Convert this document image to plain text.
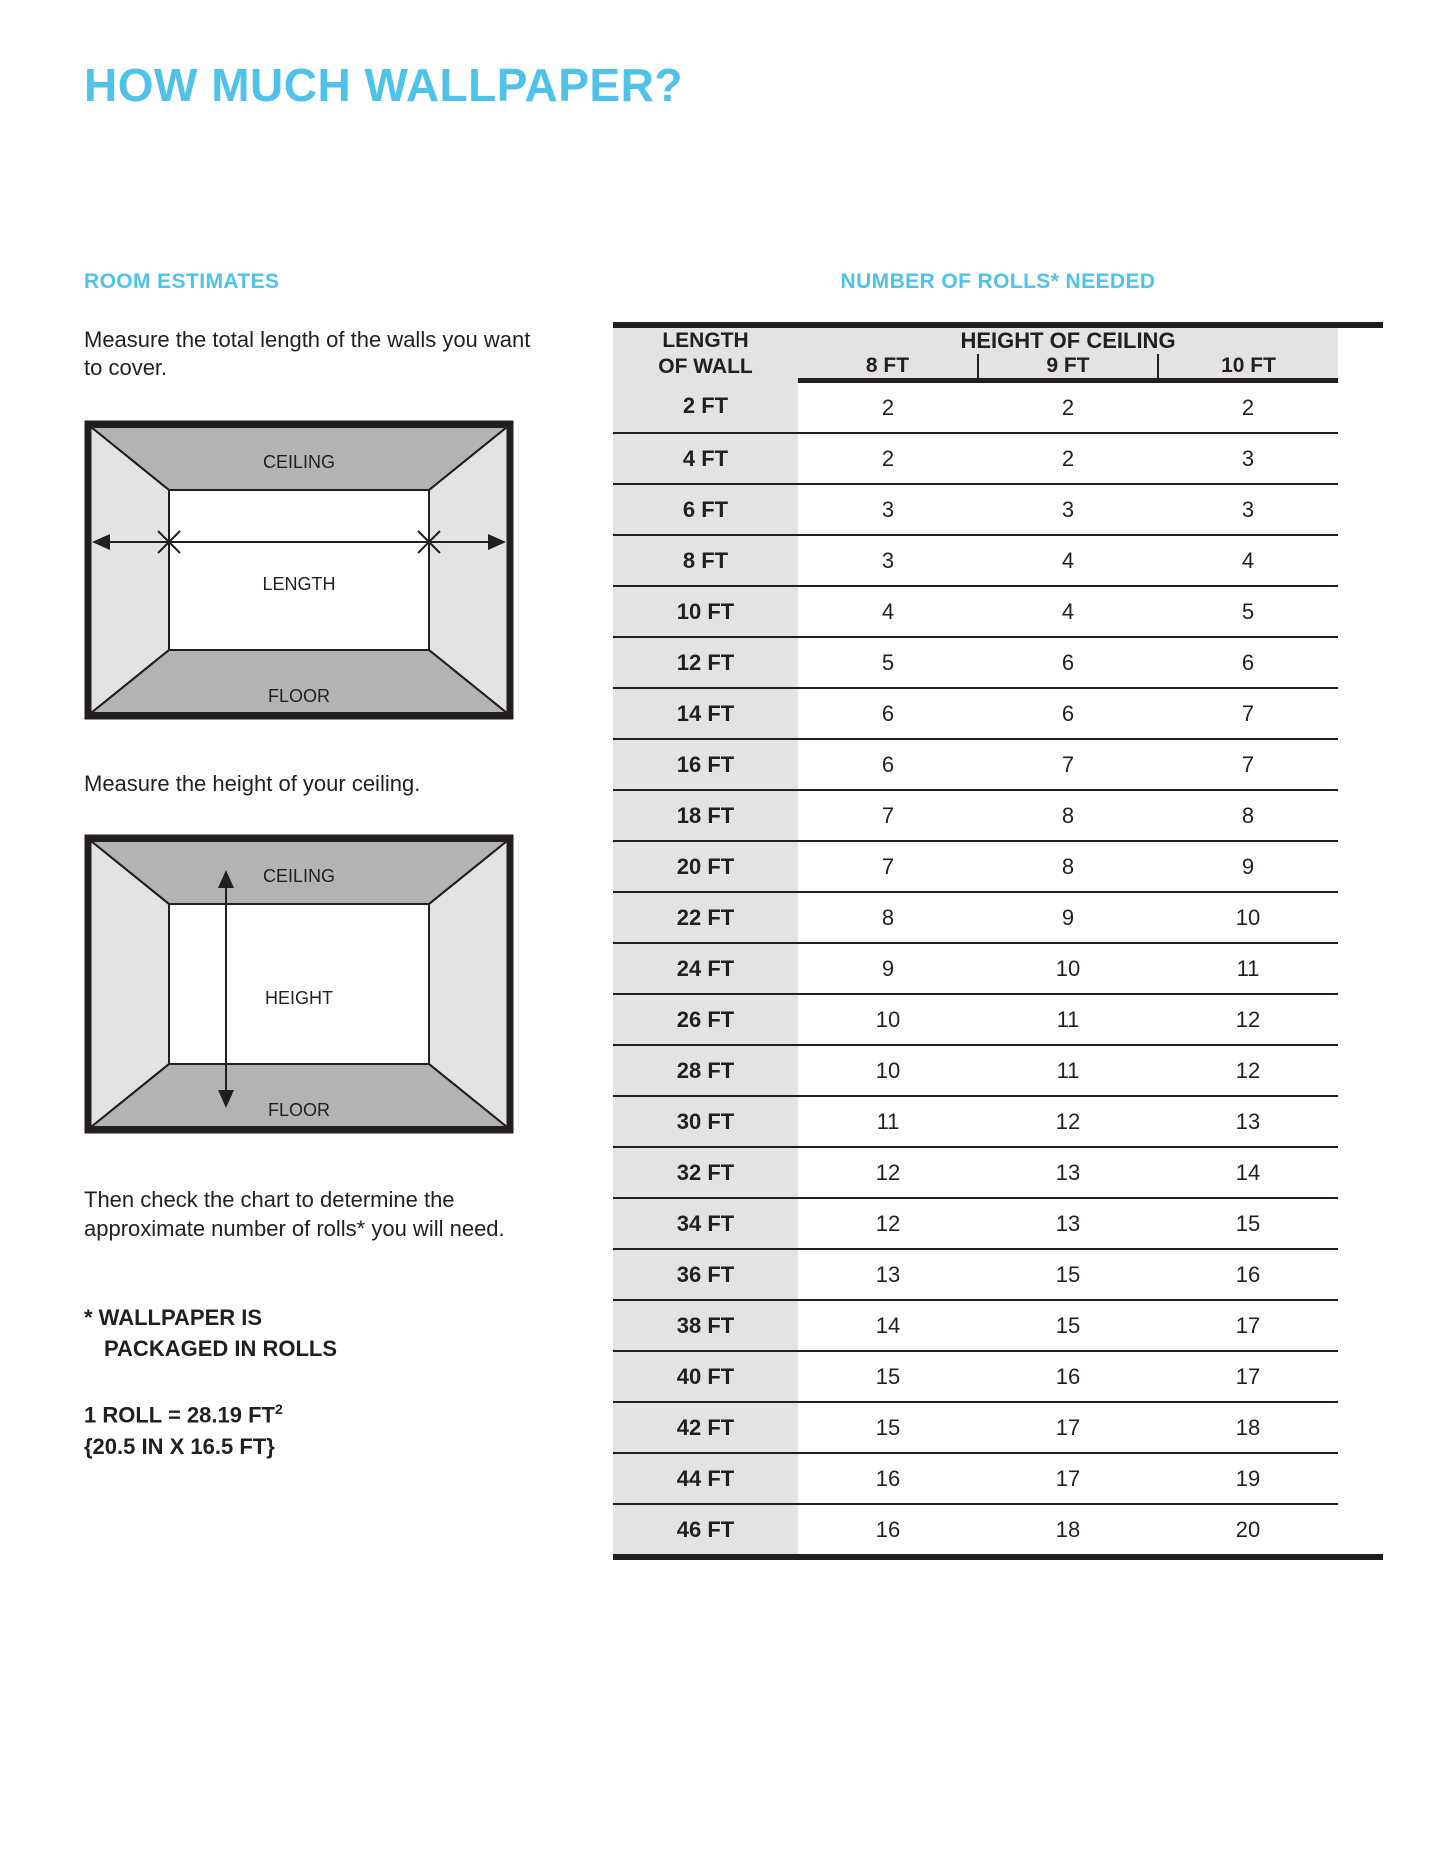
HOW MUCH WALLPAPER?
ROOM ESTIMATES

Measure the total length of the walls you want to cover.

CEILING
FLOOR
LENGTH

Measure the height of your ceiling.

CEILING
FLOOR
HEIGHT

Then check the chart to determine the approximate number of rolls* you will need.

* WALLPAPER IS
PACKAGED IN ROLLS
1 ROLL = 28.19 $FT^2$
{20.5 IN X 16.5 FT}
NUMBER OF ROLLS* NEEDED
LENGTH
OF WALL	HEIGHT OF CEILING		
	8 FT	9 FT	10 FT
2 FT	2	2	2
4 FT	2	2	3
6 FT	3	3	3
8 FT	3	4	4
10 FT	4	4	5
12 FT	5	6	6
14 FT	6	6	7
16 FT	6	7	7
18 FT	7	8	8
20 FT	7	8	9
22 FT	8	9	10
24 FT	9	10	11
26 FT	10	11	12
28 FT	10	11	12
30 FT	11	12	13
32 FT	12	13	14
34 FT	12	13	15
36 FT	13	15	16
38 FT	14	15	17
40 FT	15	16	17
42 FT	15	17	18
44 FT	16	17	19
46 FT	16	18	20
